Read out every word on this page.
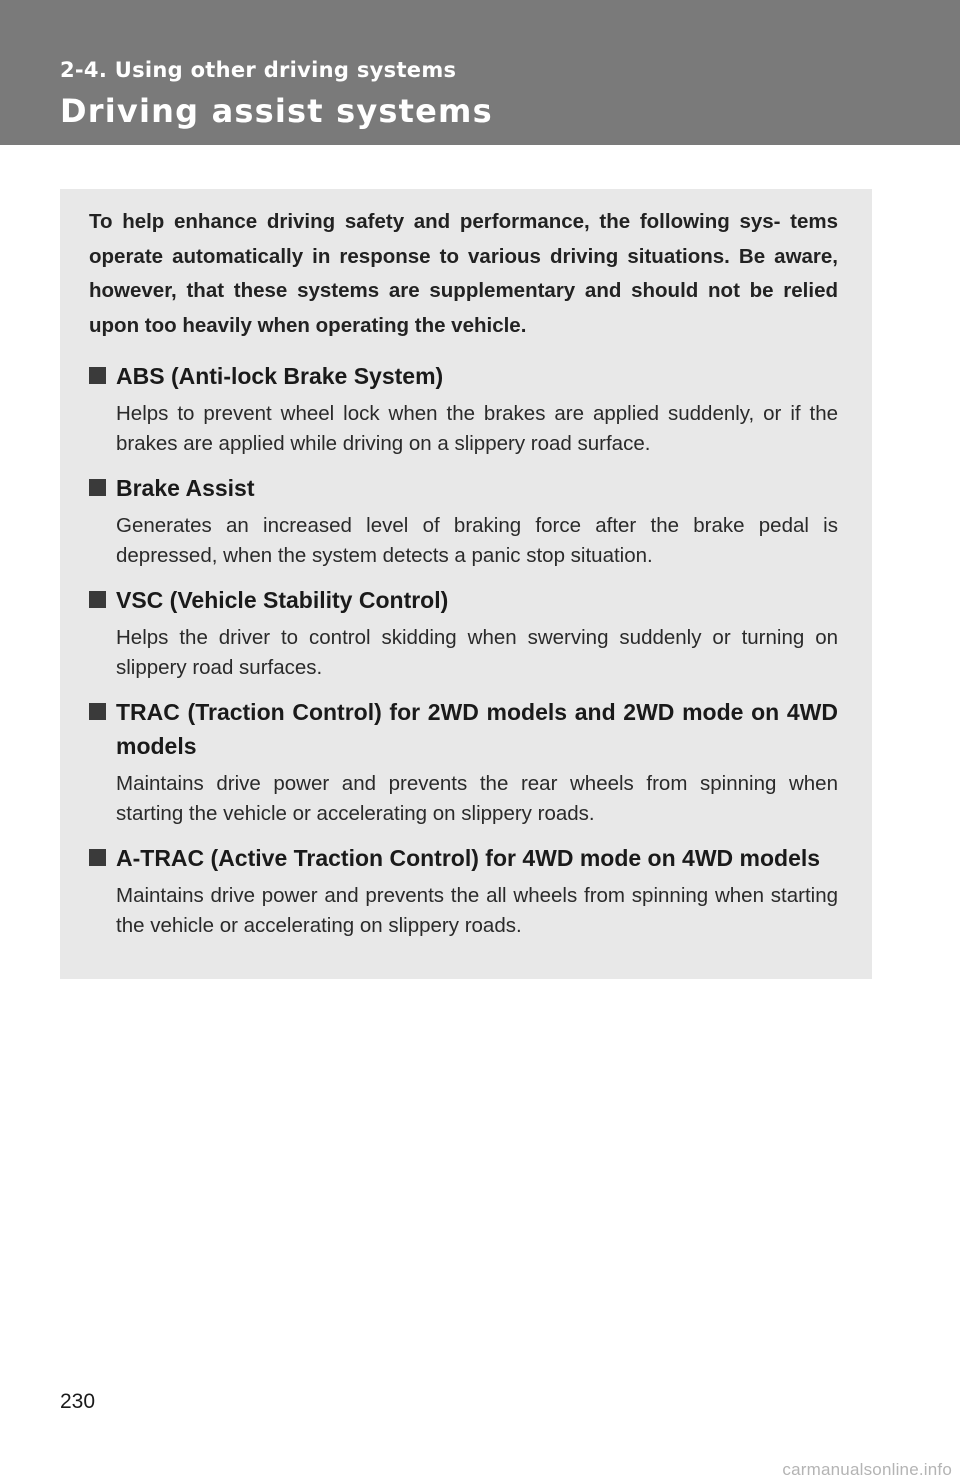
2-4. Using other driving systems
Driving assist systems

To help enhance driving safety and performance, the following sys- tems operate automatically in response to various driving situations. Be aware, however, that these systems are supplementary and should not be relied upon too heavily when operating the vehicle.

ABS (Anti-lock Brake System)

Helps to prevent wheel lock when the brakes are applied suddenly, or if the brakes are applied while driving on a slippery road surface.

Brake Assist

Generates an increased level of braking force after the brake pedal is depressed, when the system detects a panic stop situation.

VSC (Vehicle Stability Control)

Helps the driver to control skidding when swerving suddenly or turning on slippery road surfaces.

TRAC (Traction Control) for 2WD models and 2WD mode on 4WD models

Maintains drive power and prevents the rear wheels from spinning when starting the vehicle or accelerating on slippery roads.

A-TRAC (Active Traction Control) for 4WD mode on 4WD models

Maintains drive power and prevents the all wheels from spinning when starting the vehicle or accelerating on slippery roads.

230
carmanualsonline.info
